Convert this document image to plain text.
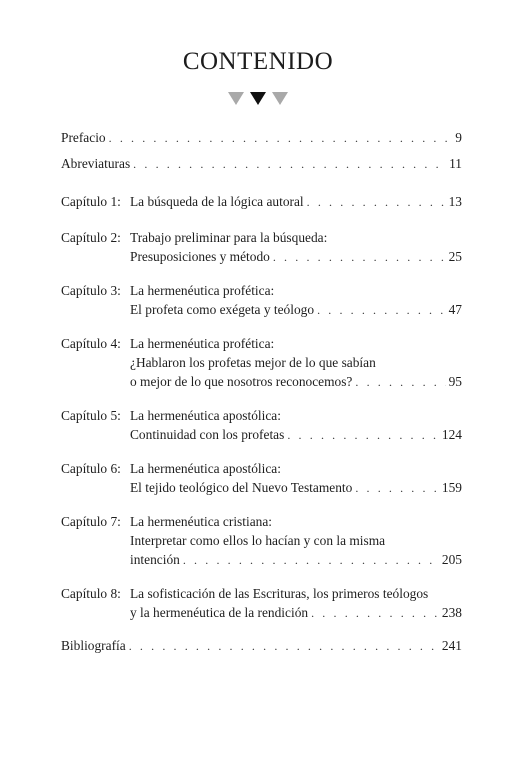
CONTENIDO
Prefacio . . .	9
Abreviaturas . . .	11
Capítulo 1: La búsqueda de la lógica autoral . . .	13
Capítulo 2: Trabajo preliminar para la búsqueda:
Presuposiciones y método . . .	25
Capítulo 3: La hermenéutica profética:
El profeta como exégeta y teólogo . . .	47
Capítulo 4: La hermenéutica profética:
¿Hablaron los profetas mejor de lo que sabían
o mejor de lo que nosotros reconocemos? . . .	95
Capítulo 5: La hermenéutica apostólica:
Continuidad con los profetas . . .	124
Capítulo 6: La hermenéutica apostólica:
El tejido teológico del Nuevo Testamento . . .	159
Capítulo 7: La hermenéutica cristiana:
Interpretar como ellos lo hacían y con la misma
intención . . .	205
Capítulo 8: La sofisticación de las Escrituras, los primeros teólogos
y la hermenéutica de la rendición . . .	238
Bibliografía . . .	241
